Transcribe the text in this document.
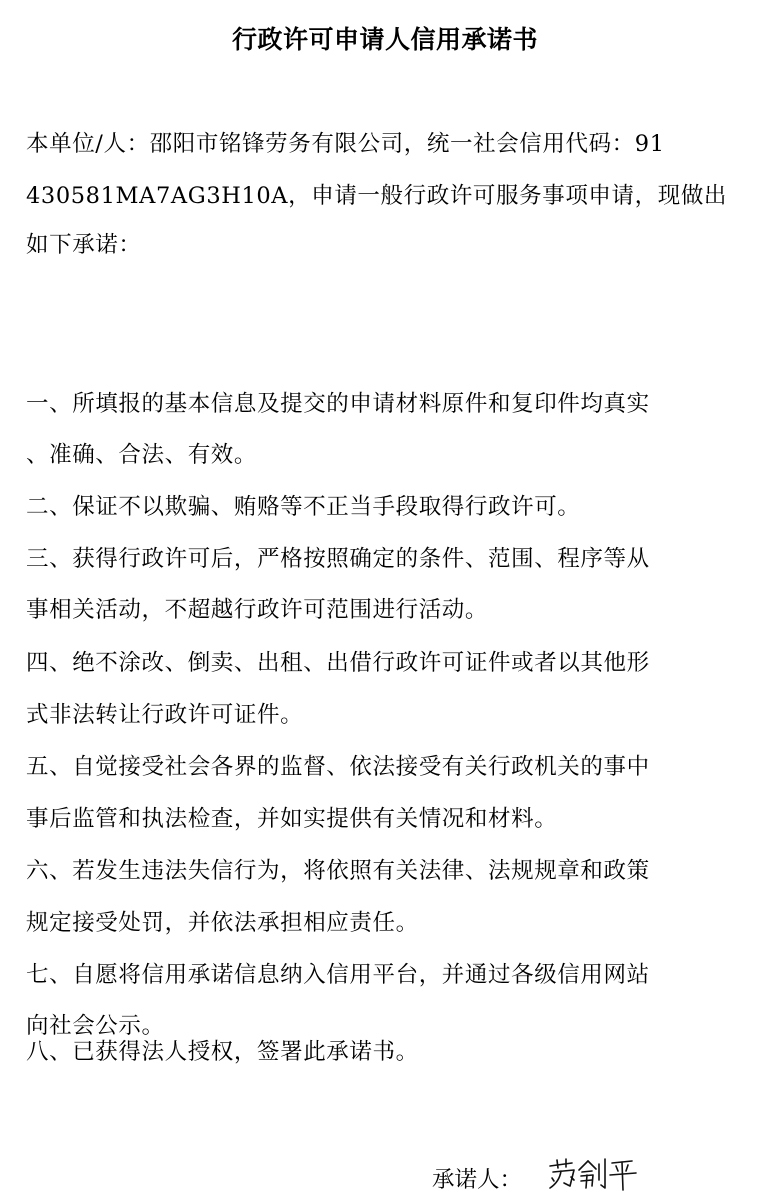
行政许可申请人信用承诺书
本单位/人：邵阳市铭锋劳务有限公司，统一社会信用代码：91
430581MA7AG3H10A，申请一般行政许可服务事项申请，现做出
如下承诺：
一、所填报的基本信息及提交的申请材料原件和复印件均真实
、准确、合法、有效。
二、保证不以欺骗、贿赂等不正当手段取得行政许可。
三、获得行政许可后，严格按照确定的条件、范围、程序等从
事相关活动，不超越行政许可范围进行活动。
四、绝不涂改、倒卖、出租、出借行政许可证件或者以其他形
式非法转让行政许可证件。
五、自觉接受社会各界的监督、依法接受有关行政机关的事中
事后监管和执法检查，并如实提供有关情况和材料。
六、若发生违法失信行为，将依照有关法律、法规规章和政策
规定接受处罚，并依法承担相应责任。
七、自愿将信用承诺信息纳入信用平台，并通过各级信用网站
向社会公示。
八、已获得法人授权，签署此承诺书。
承诺人：
